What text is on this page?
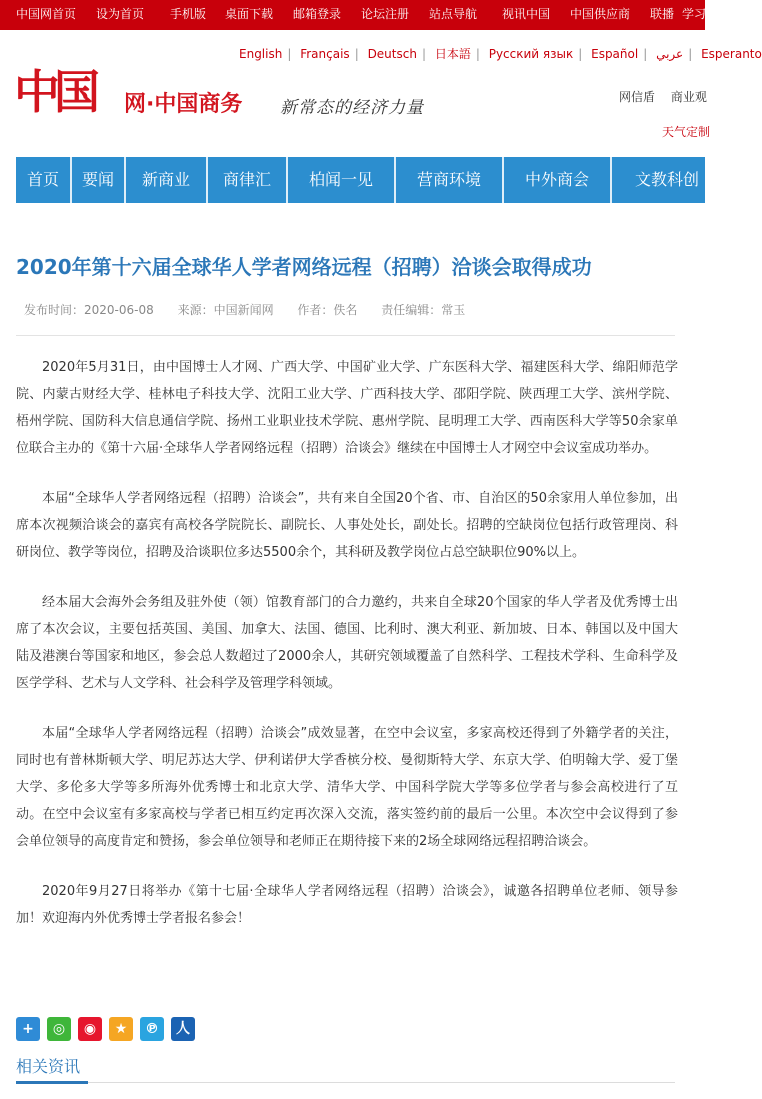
中国网首页 设为首页 手机版 桌面下载 邮箱登录 论坛注册 站点导航 视讯中国 中国供应商 联播 学习
English | Français | Deutsch | 日本語 | Русский язык | Español | عربي | Esperanto
中国 网·中国商务 新常态的经济力量
网信盾 商业观
天气定制
首页	要闻	新商业	商律汇	柏闻一见	营商环境	中外商会	文教科创
2020年第十六届全球华人学者网络远程（招聘）洽谈会取得成功
发布时间：2020-06-08 来源：中国新闻网 作者：佚名 责任编辑：常玉

2020年5月31日，由中国博士人才网、广西大学、中国矿业大学、广东医科大学、福建医科大学、绵阳师范学院、内蒙古财经大学、桂林电子科技大学、沈阳工业大学、广西科技大学、邵阳学院、陕西理工大学、滨州学院、梧州学院、国防科大信息通信学院、扬州工业职业技术学院、惠州学院、昆明理工大学、西南医科大学等50余家单位联合主办的《第十六届·全球华人学者网络远程（招聘）洽谈会》继续在中国博士人才网空中会议室成功举办。

本届“全球华人学者网络远程（招聘）洽谈会”，共有来自全国20个省、市、自治区的50余家用人单位参加，出席本次视频洽谈会的嘉宾有高校各学院院长、副院长、人事处处长，副处长。招聘的空缺岗位包括行政管理岗、科研岗位、教学等岗位，招聘及洽谈职位多达5500余个，其科研及教学岗位占总空缺职位90%以上。

经本届大会海外会务组及驻外使（领）馆教育部门的合力邀约，共来自全球20个国家的华人学者及优秀博士出席了本次会议，主要包括英国、美国、加拿大、法国、德国、比利时、澳大利亚、新加坡、日本、韩国以及中国大陆及港澳台等国家和地区，参会总人数超过了2000余人，其研究领域覆盖了自然科学、工程技术学科、生命科学及医学学科、艺术与人文学科、社会科学及管理学科领域。

本届“全球华人学者网络远程（招聘）洽谈会”成效显著，在空中会议室，多家高校还得到了外籍学者的关注，同时也有普林斯顿大学、明尼苏达大学、伊利诺伊大学香槟分校、曼彻斯特大学、东京大学、伯明翰大学、爱丁堡大学、多伦多大学等多所海外优秀博士和北京大学、清华大学、中国科学院大学等多位学者与参会高校进行了互动。在空中会议室有多家高校与学者已相互约定再次深入交流，落实签约前的最后一公里。本次空中会议得到了参会单位领导的高度肯定和赞扬，参会单位领导和老师正在期待接下来的2场全球网络远程招聘洽谈会。

2020年9月27日将举办《第十七届·全球华人学者网络远程（招聘）洽谈会》，诚邀各招聘单位老师、领导参加！欢迎海内外优秀博士学者报名参会！

+	◎	◉	★	℗	人
相关资讯
